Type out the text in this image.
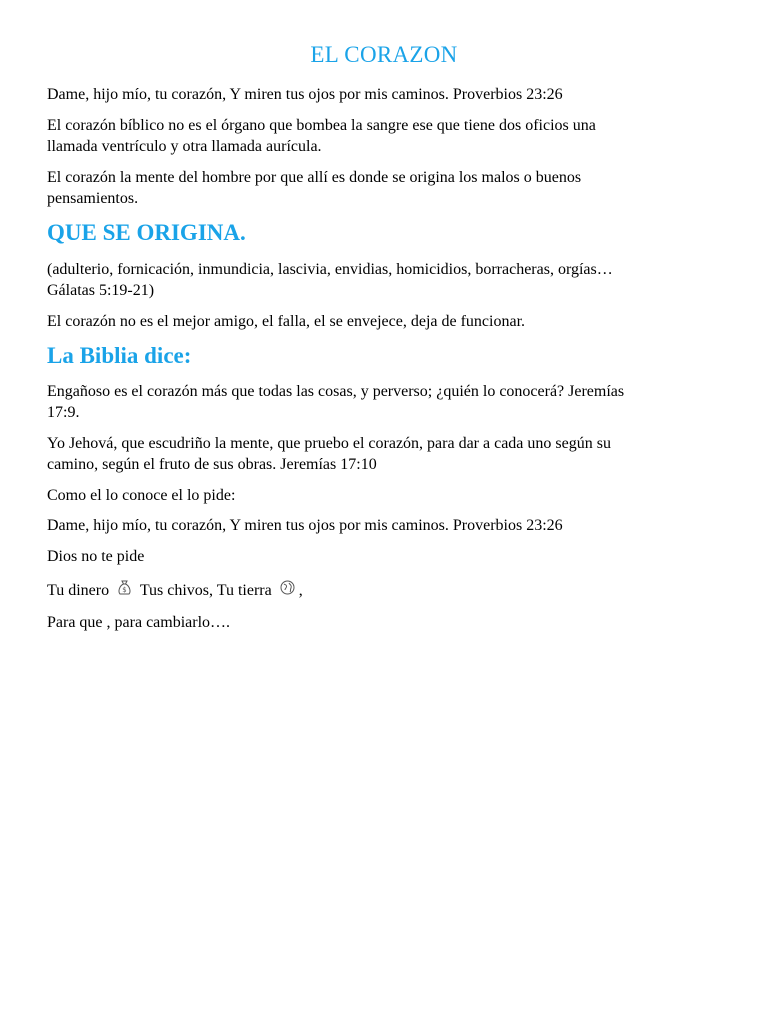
EL CORAZON
Dame, hijo mío, tu corazón, Y miren tus ojos por mis caminos. Proverbios 23:26
El corazón bíblico no es el órgano que bombea la sangre ese que tiene dos oficios una
llamada ventrículo y otra llamada aurícula.
El corazón la mente del hombre por que allí es donde se origina los malos o buenos
pensamientos.
QUE SE ORIGINA.
(adulterio, fornicación, inmundicia, lascivia, envidias, homicidios, borracheras, orgías…
Gálatas 5:19-21)
El corazón no es el mejor amigo, el falla, el se envejece, deja de funcionar.
La Biblia dice:
Engañoso es el corazón más que todas las cosas, y perverso; ¿quién lo conocerá? Jeremías
17:9.
Yo Jehová, que escudriño la mente, que pruebo el corazón, para dar a cada uno según su
camino, según el fruto de sus obras. Jeremías 17:10
Como el lo conoce el lo pide:
Dame, hijo mío, tu corazón, Y miren tus ojos por mis caminos. Proverbios 23:26
Dios no te pide
Tu dinero $ Tus chivos, Tu tierra ,
Para que , para cambiarlo….
